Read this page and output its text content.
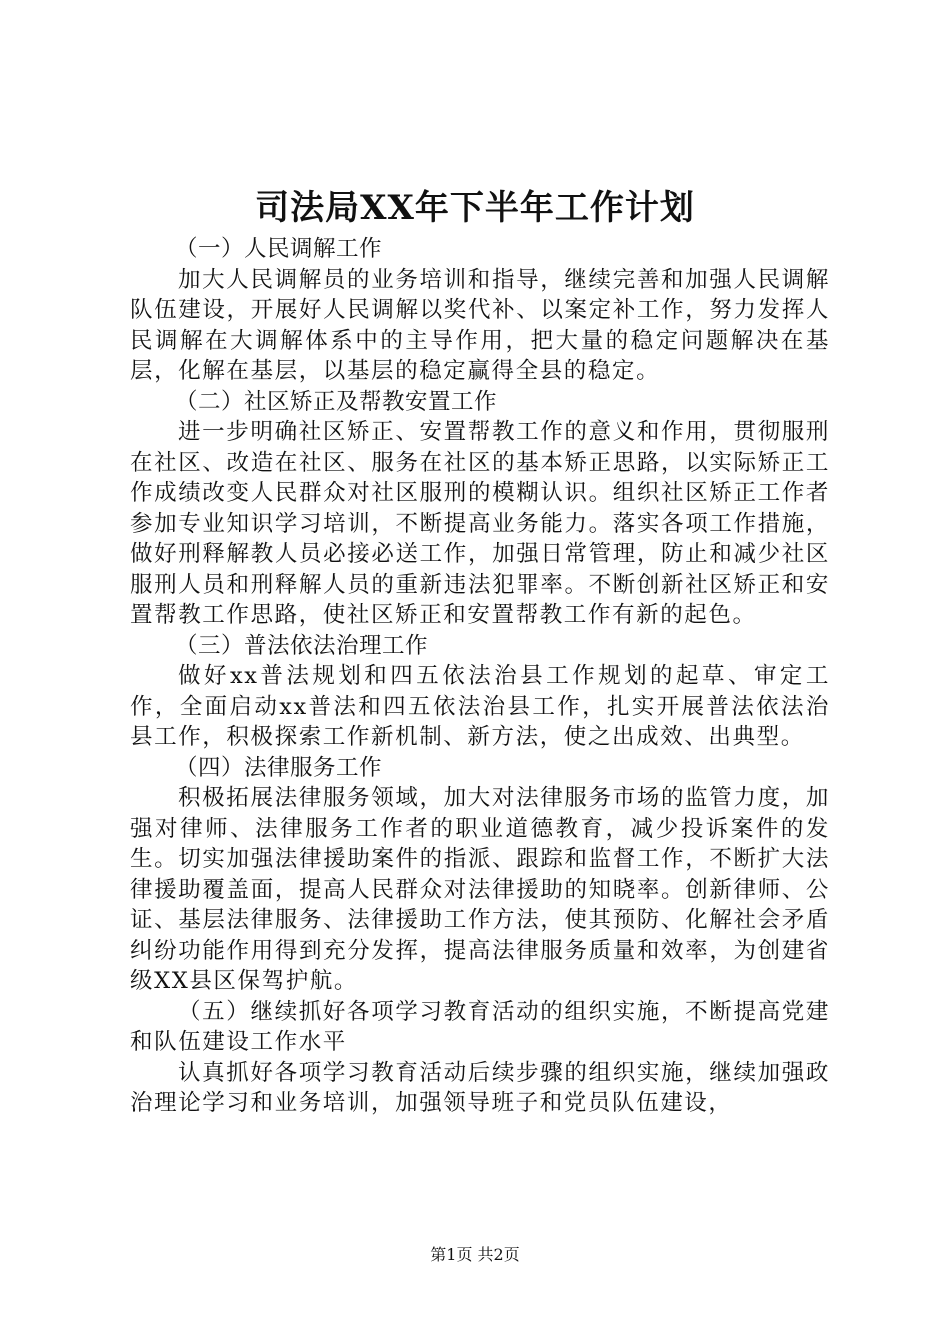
司法局XX年下半年工作计划

（一）人民调解工作

加大人民调解员的业务培训和指导，继续完善和加强人民调解队伍建设，开展好人民调解以奖代补、以案定补工作，努力发挥人民调解在大调解体系中的主导作用，把大量的稳定问题解决在基层，化解在基层，以基层的稳定赢得全县的稳定。

（二）社区矫正及帮教安置工作

进一步明确社区矫正、安置帮教工作的意义和作用，贯彻服刑在社区、改造在社区、服务在社区的基本矫正思路，以实际矫正工作成绩改变人民群众对社区服刑的模糊认识。组织社区矫正工作者参加专业知识学习培训，不断提高业务能力。落实各项工作措施，做好刑释解教人员必接必送工作，加强日常管理，防止和减少社区服刑人员和刑释解人员的重新违法犯罪率。不断创新社区矫正和安置帮教工作思路，使社区矫正和安置帮教工作有新的起色。

（三）普法依法治理工作

做好xx普法规划和四五依法治县工作规划的起草、审定工作，全面启动xx普法和四五依法治县工作，扎实开展普法依法治县工作，积极探索工作新机制、新方法，使之出成效、出典型。

（四）法律服务工作

积极拓展法律服务领域，加大对法律服务市场的监管力度，加强对律师、法律服务工作者的职业道德教育，减少投诉案件的发生。切实加强法律援助案件的指派、跟踪和监督工作，不断扩大法律援助覆盖面，提高人民群众对法律援助的知晓率。创新律师、公证、基层法律服务、法律援助工作方法，使其预防、化解社会矛盾纠纷功能作用得到充分发挥，提高法律服务质量和效率，为创建省级XX县区保驾护航。

（五）继续抓好各项学习教育活动的组织实施，不断提高党建和队伍建设工作水平

认真抓好各项学习教育活动后续步骤的组织实施，继续加强政治理论学习和业务培训，加强领导班子和党员队伍建设，

第1页 共2页
